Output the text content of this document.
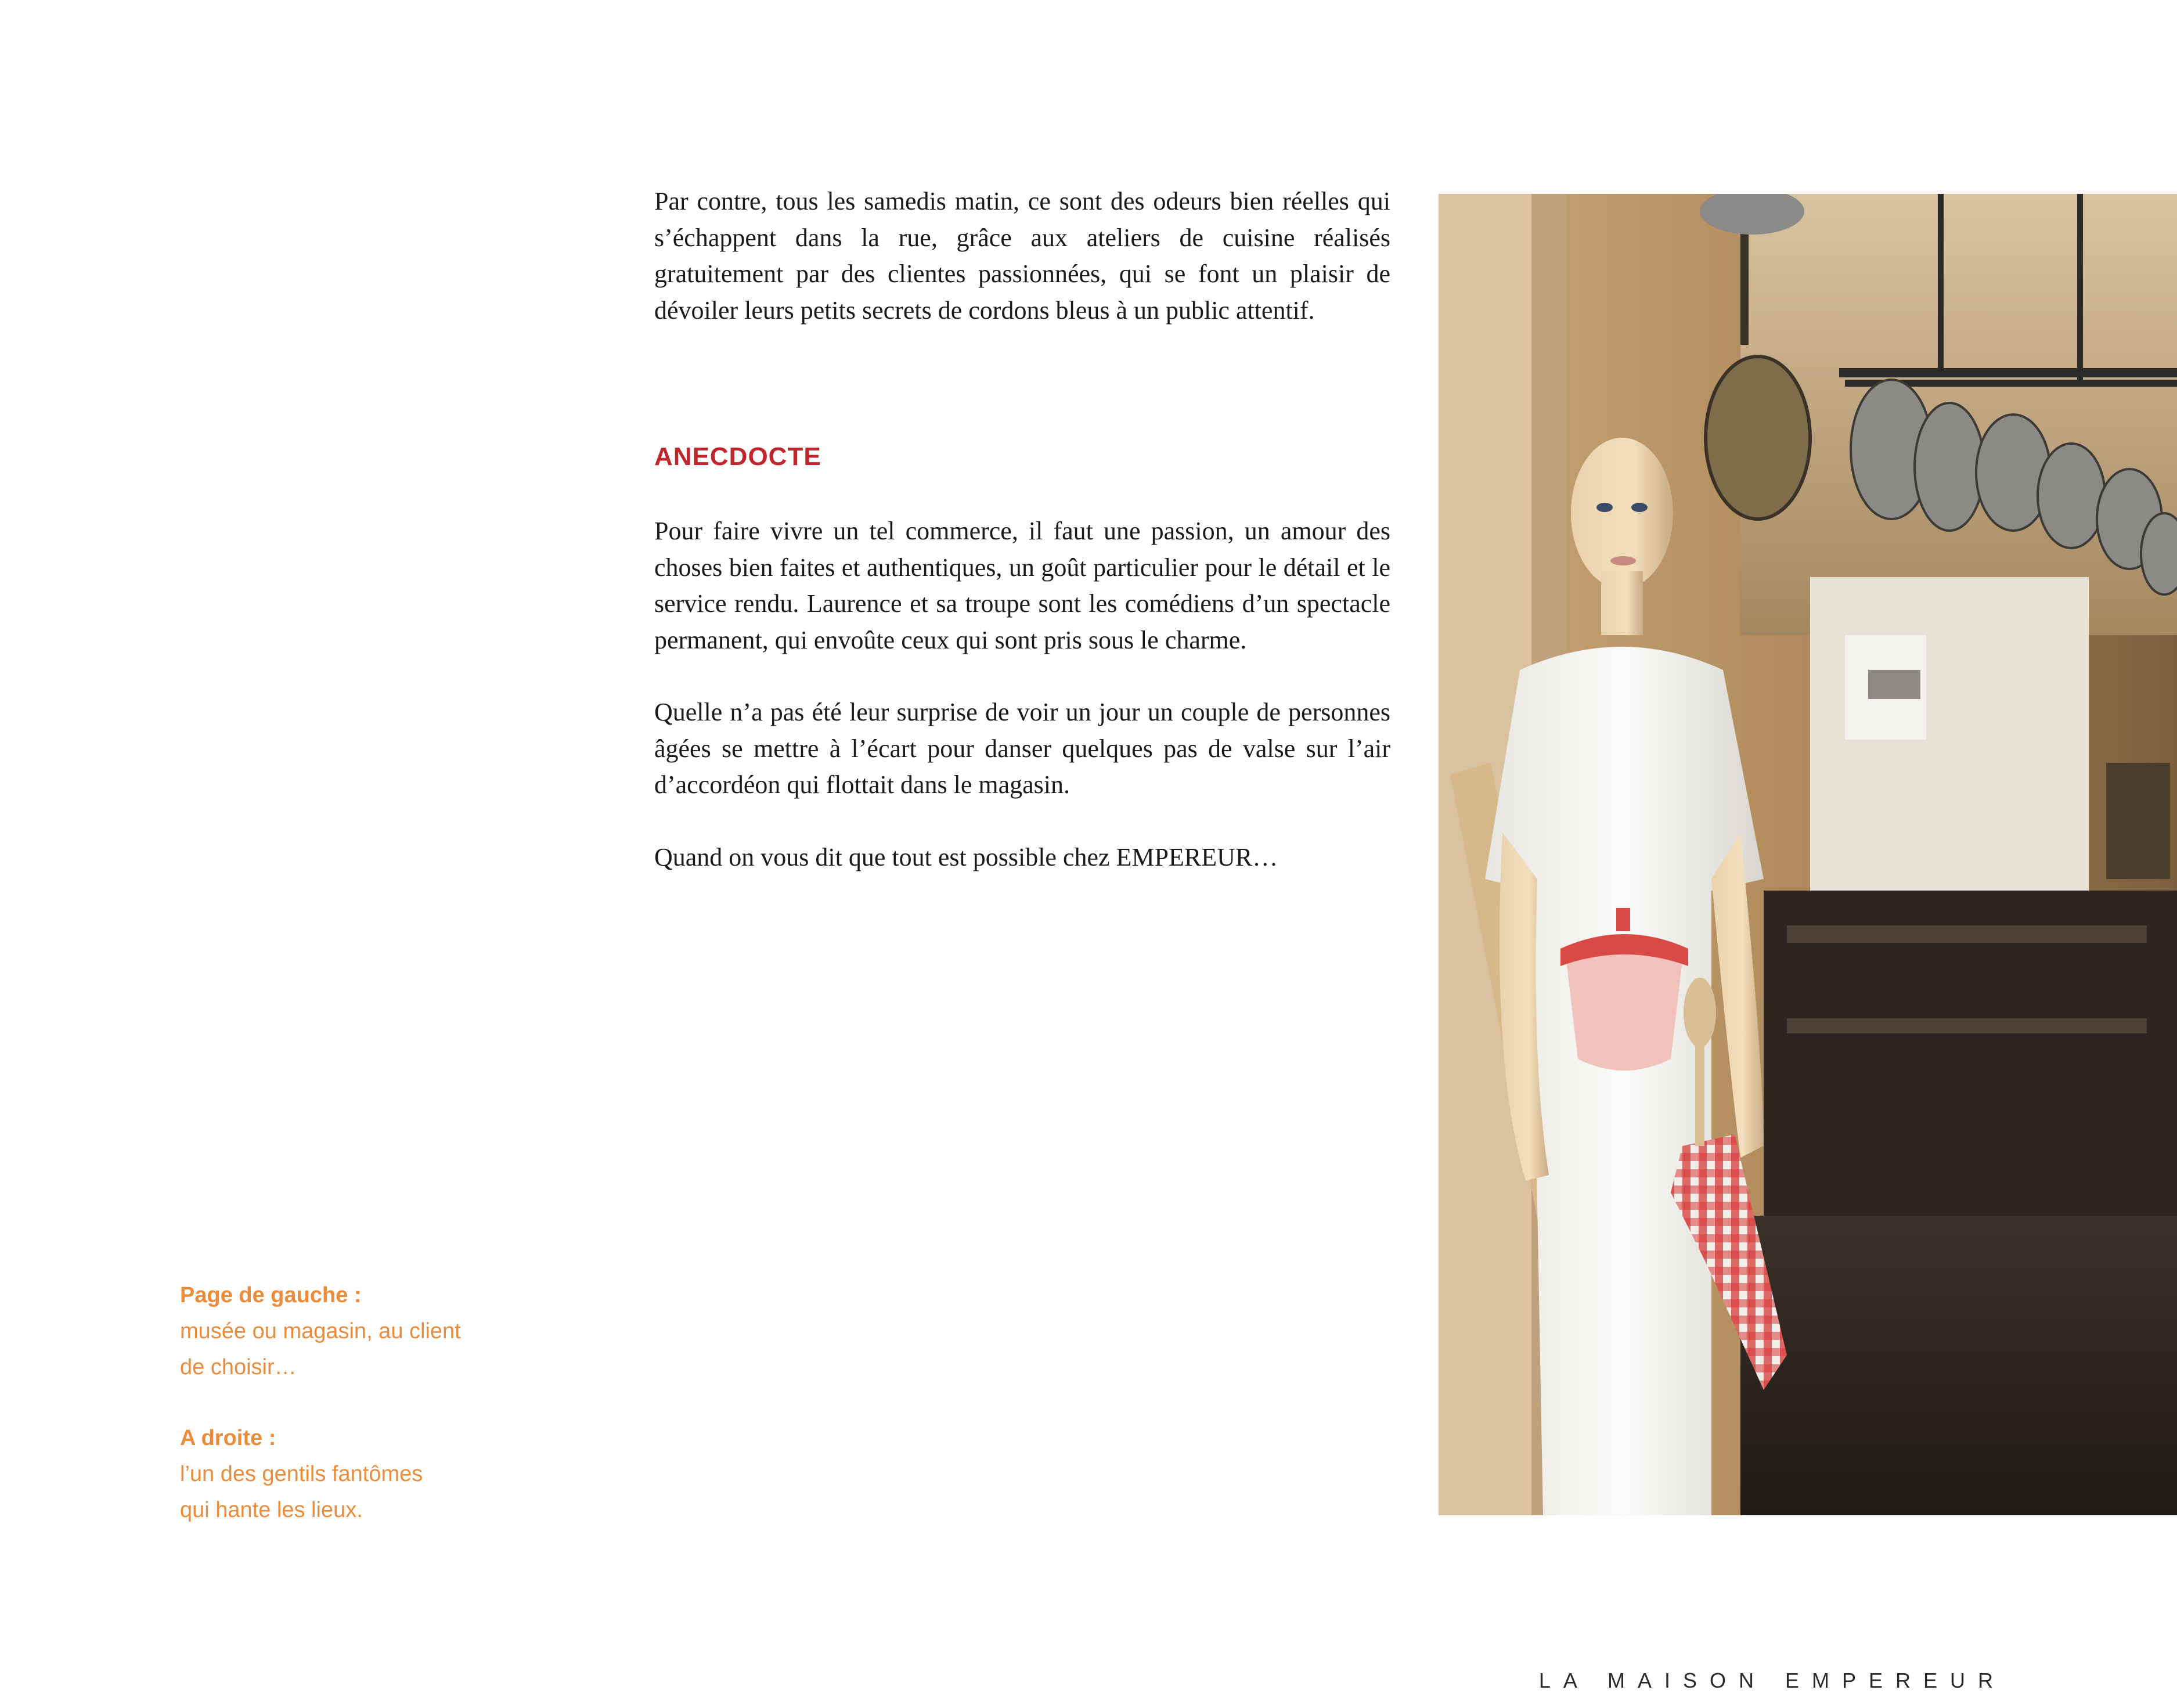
Par contre, tous les samedis matin, ce sont des odeurs bien réelles qui s’échappent dans la rue, grâce aux ateliers de cuisine réalisés gratuitement par des clientes passionnées, qui se font un plaisir de dévoiler leurs petits secrets de cordons bleus à un public attentif.

ANECDOCTE

Pour faire vivre un tel commerce, il faut une passion, un amour des choses bien faites et authentiques, un goût particulier pour le détail et le service rendu. Laurence et sa troupe sont les comédiens d’un spectacle permanent, qui envoûte ceux qui sont pris sous le charme.

Quelle n’a pas été leur surprise de voir un jour un couple de personnes âgées se mettre à l’écart pour danser quelques pas de valse sur l’air d’accordéon qui flottait dans le magasin.

Quand on vous dit que tout est possible chez EMPEREUR…

Page de gauche :
musée ou magasin, au client
de choisir…
A droite :
l’un des gentils fantômes
qui hante les lieux.
LA MAISON EMPEREUR
